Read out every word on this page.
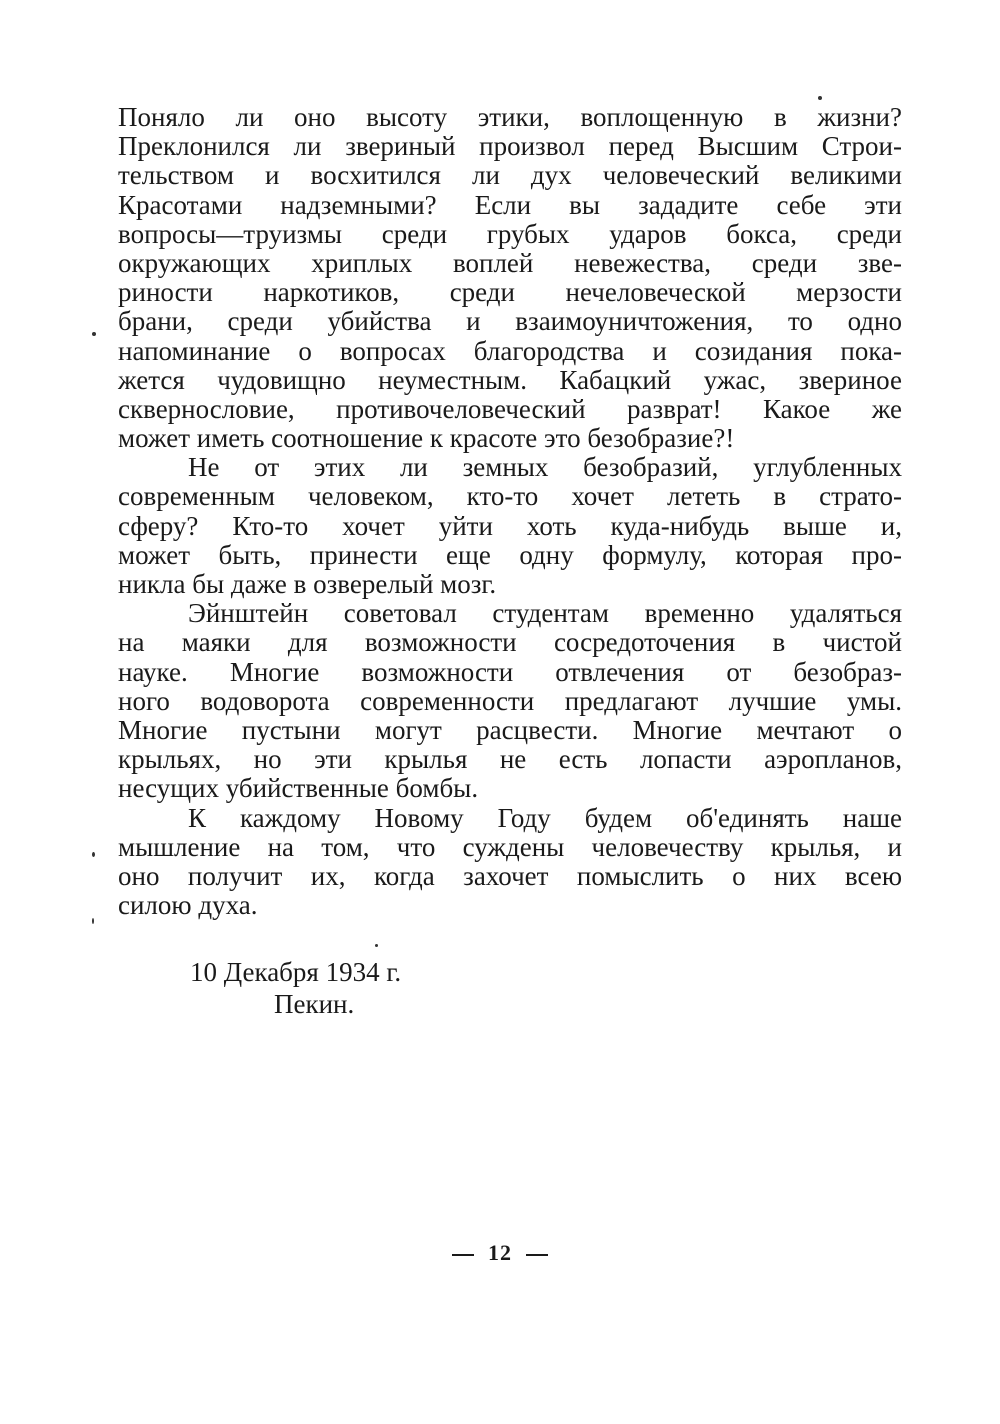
Поняло ли оно высоту этики, воплощенную в жизни?
Преклонился ли звериный произвол перед Высшим Строи-
тельством и восхитился ли дух человеческий великими
Красотами надземными? Если вы зададите себе эти
вопросы—труизмы среди грубых ударов бокса, среди
окружающих хриплых воплей невежества, среди зве-
риности наркотиков, среди нечеловеческой мерзости
брани, среди убийства и взаимоуничтожения, то одно
напоминание о вопросах благородства и созидания пока-
жется чудовищно неуместным. Кабацкий ужас, звериное
сквернословие, противочеловеческий разврат! Какое же
может иметь соотношение к красоте это безобразие?!
Не от этих ли земных безобразий, углубленных
современным человеком, кто-то хочет лететь в страто-
сферу? Кто-то хочет уйти хоть куда-нибудь выше и,
может быть, принести еще одну формулу, которая про-
никла бы даже в озверелый мозг.
Эйнштейн советовал студентам временно удаляться
на маяки для возможности сосредоточения в чистой
науке. Многие возможности отвлечения от безобраз-
ного водоворота современности предлагают лучшие умы.
Многие пустыни могут расцвести. Многие мечтают о
крыльях, но эти крылья не есть лопасти аэропланов,
несущих убийственные бомбы.
К каждому Новому Году будем об'единять наше
мышление на том, что суждены человечеству крылья, и
оно получит их, когда захочет помыслить о них всею
силою духа.
10 Декабря 1934 г.
Пекин.
12
